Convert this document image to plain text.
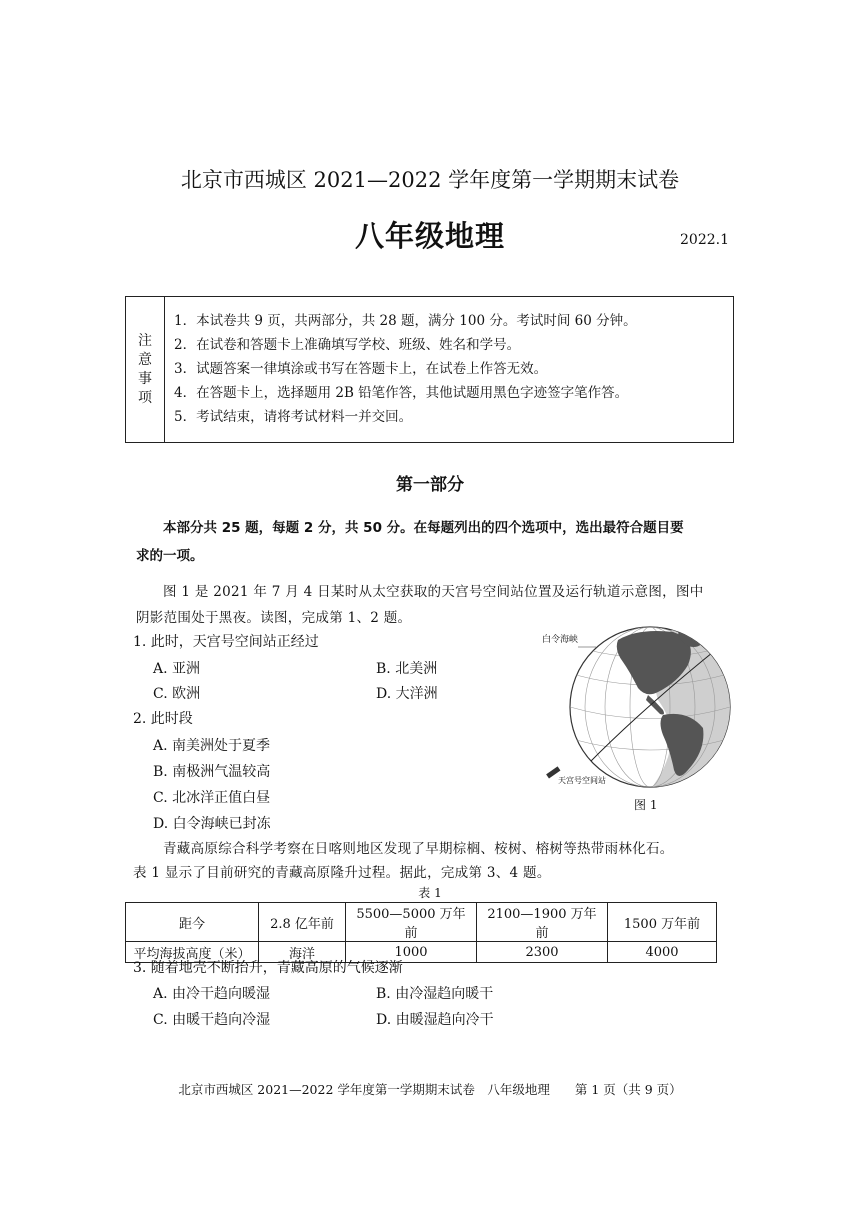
北京市西城区 2021—2022 学年度第一学期期末试卷
八年级地理	2022.1
注
意
事
项
1．本试卷共 9 页，共两部分，共 28 题，满分 100 分。考试时间 60 分钟。
2．在试卷和答题卡上准确填写学校、班级、姓名和学号。
3．试题答案一律填涂或书写在答题卡上，在试卷上作答无效。
4．在答题卡上，选择题用 2B 铅笔作答，其他试题用黑色字迹签字笔作答。
5．考试结束，请将考试材料一并交回。
第一部分
本部分共 25 题，每题 2 分，共 50 分。在每题列出的四个选项中，选出最符合题目要
求的一项。
图 1 是 2021 年 7 月 4 日某时从太空获取的天宫号空间站位置及运行轨道示意图，图中
阴影范围处于黑夜。读图，完成第 1、2 题。
1. 此时，天宫号空间站正经过
A. 亚洲	B. 北美洲
C. 欧洲	D. 大洋洲
2. 此时段
A. 南美洲处于夏季
B. 南极洲气温较高
C. 北冰洋正值白昼
D. 白令海峡已封冻
白令海峡
天宫号空间站
图 1
青藏高原综合科学考察在日喀则地区发现了早期棕榈、桉树、榕树等热带雨林化石。
表 1 显示了目前研究的青藏高原隆升过程。据此，完成第 3、4 题。
表 1
距今	2.8 亿年前	5500—5000 万年前	2100—1900 万年前	1500 万年前
平均海拔高度（米）	海洋	1000	2300	4000
3. 随着地壳不断抬升，青藏高原的气候逐渐
A. 由冷干趋向暖湿	B. 由冷湿趋向暖干
C. 由暖干趋向冷湿	D. 由暖湿趋向冷干
北京市西城区 2021—2022 学年度第一学期期末试卷　八年级地理　　第 1 页（共 9 页）
